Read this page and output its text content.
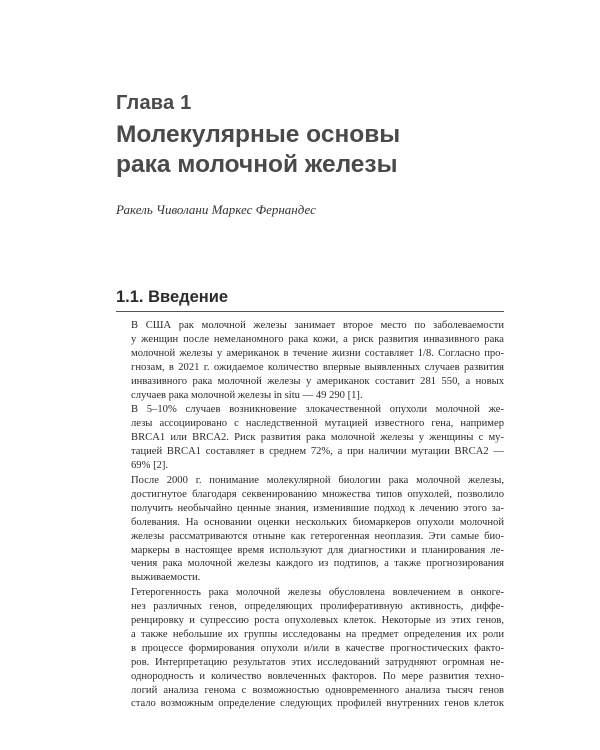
Глава 1
Молекулярные основы
рака молочной железы
Ракель Чиволани Маркес Фернандес
1.1. Введение

В США рак молочной железы занимает второе место по заболеваемости
у женщин после немеланомного рака кожи, а риск развития инвазивного рака
молочной железы у американок в течение жизни составляет 1/8. Согласно про-
гнозам, в 2021 г. ожидаемое количество впервые выявленных случаев развития
инвазивного рака молочной железы у американок составит 281 550, а новых
случаев рака молочной железы in situ — 49 290 [1].

В 5–10% случаев возникновение злокачественной опухоли молочной же-
лезы ассоциировано с наследственной мутацией известного гена, например
BRCA1 или BRCA2. Риск развития рака молочной железы у женщины с му-
тацией BRCA1 составляет в среднем 72%, а при наличии мутации BRCA2 —
69% [2].

После 2000 г. понимание молекулярной биологии рака молочной железы,
достигнутое благодаря секвенированию множества типов опухолей, позволило
получить необычайно ценные знания, изменившие подход к лечению этого за-
болевания. На основании оценки нескольких биомаркеров опухоли молочной
железы рассматриваются отныне как гетерогенная неоплазия. Эти самые био-
маркеры в настоящее время используют для диагностики и планирования ле-
чения рака молочной железы каждого из подтипов, а также прогнозирования
выживаемости.

Гетерогенность рака молочной железы обусловлена вовлечением в онкоге-
нез различных генов, определяющих пролиферативную активность, диффе-
ренцировку и супрессию роста опухолевых клеток. Некоторые из этих генов,
а также небольшие их группы исследованы на предмет определения их роли
в процессе формирования опухоли и/или в качестве прогностических факто-
ров. Интерпретацию результатов этих исследований затрудняют огромная не-
однородность и количество вовлеченных факторов. По мере развития техно-
логий анализа генома с возможностью одновременного анализа тысяч генов
стало возможным определение следующих профилей внутренних генов клеток
